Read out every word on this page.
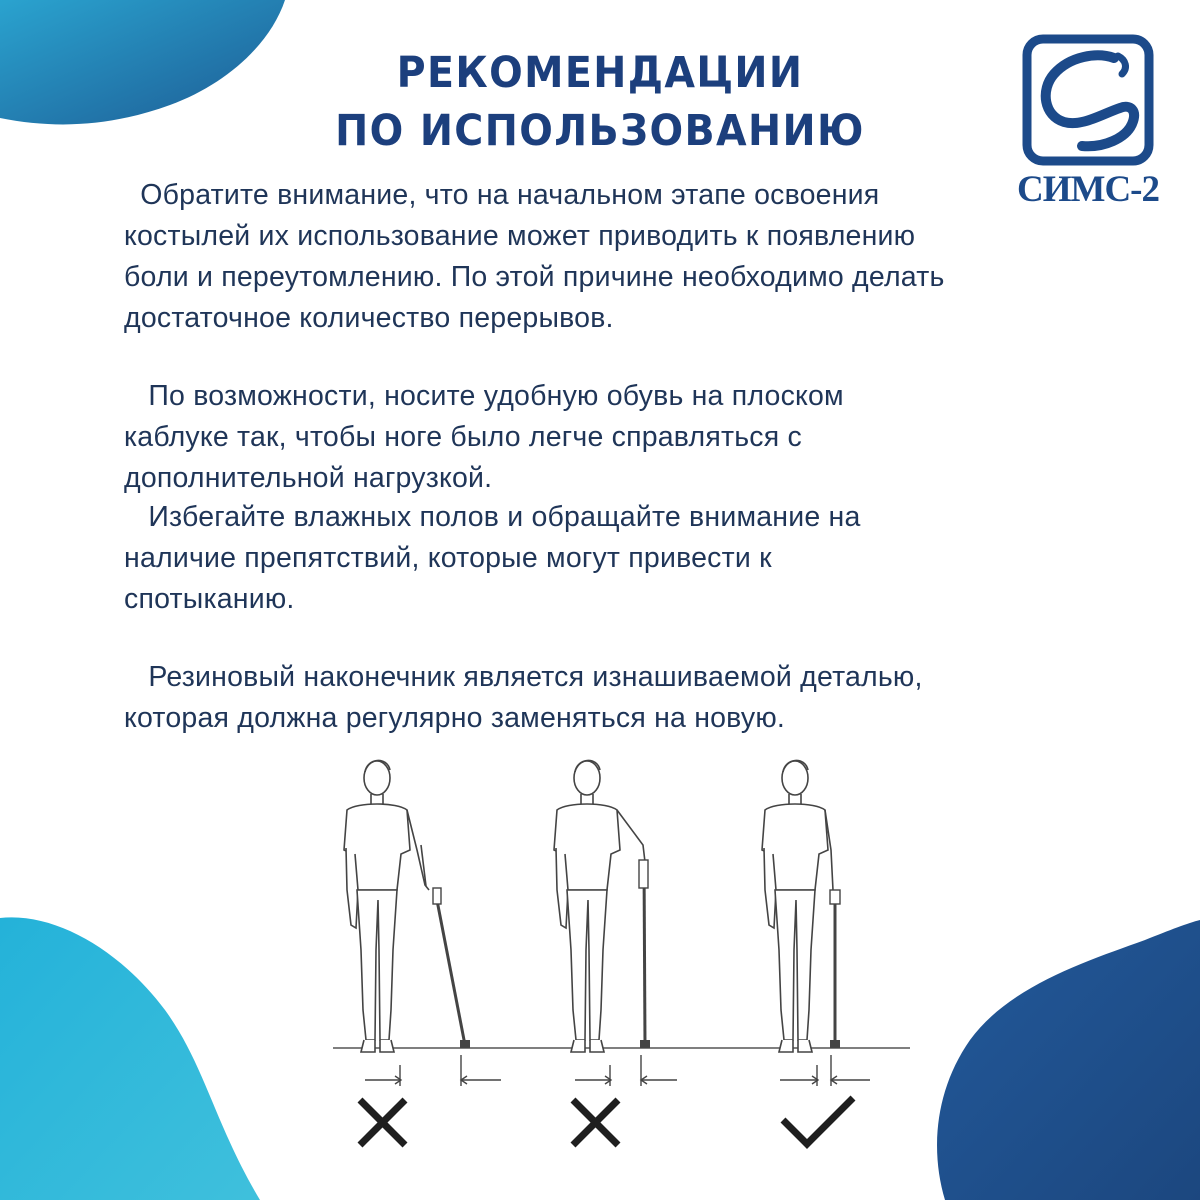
РЕКОМЕНДАЦИИ
ПО ИСПОЛЬЗОВАНИЮ
СИМС-2
Обратите внимание, что на начальном этапе освоения
костылей их использование может приводить к появлению
боли и переутомлению. По этой причине необходимо делать
достаточное количество перерывов.
По возможности, носите удобную обувь на плоском
каблуке так, чтобы ноге было легче справляться с
дополнительной нагрузкой.
Избегайте влажных полов и обращайте внимание на
наличие препятствий, которые могут привести к
спотыканию.
Резиновый наконечник является изнашиваемой деталью,
которая должна регулярно заменяться на новую.
